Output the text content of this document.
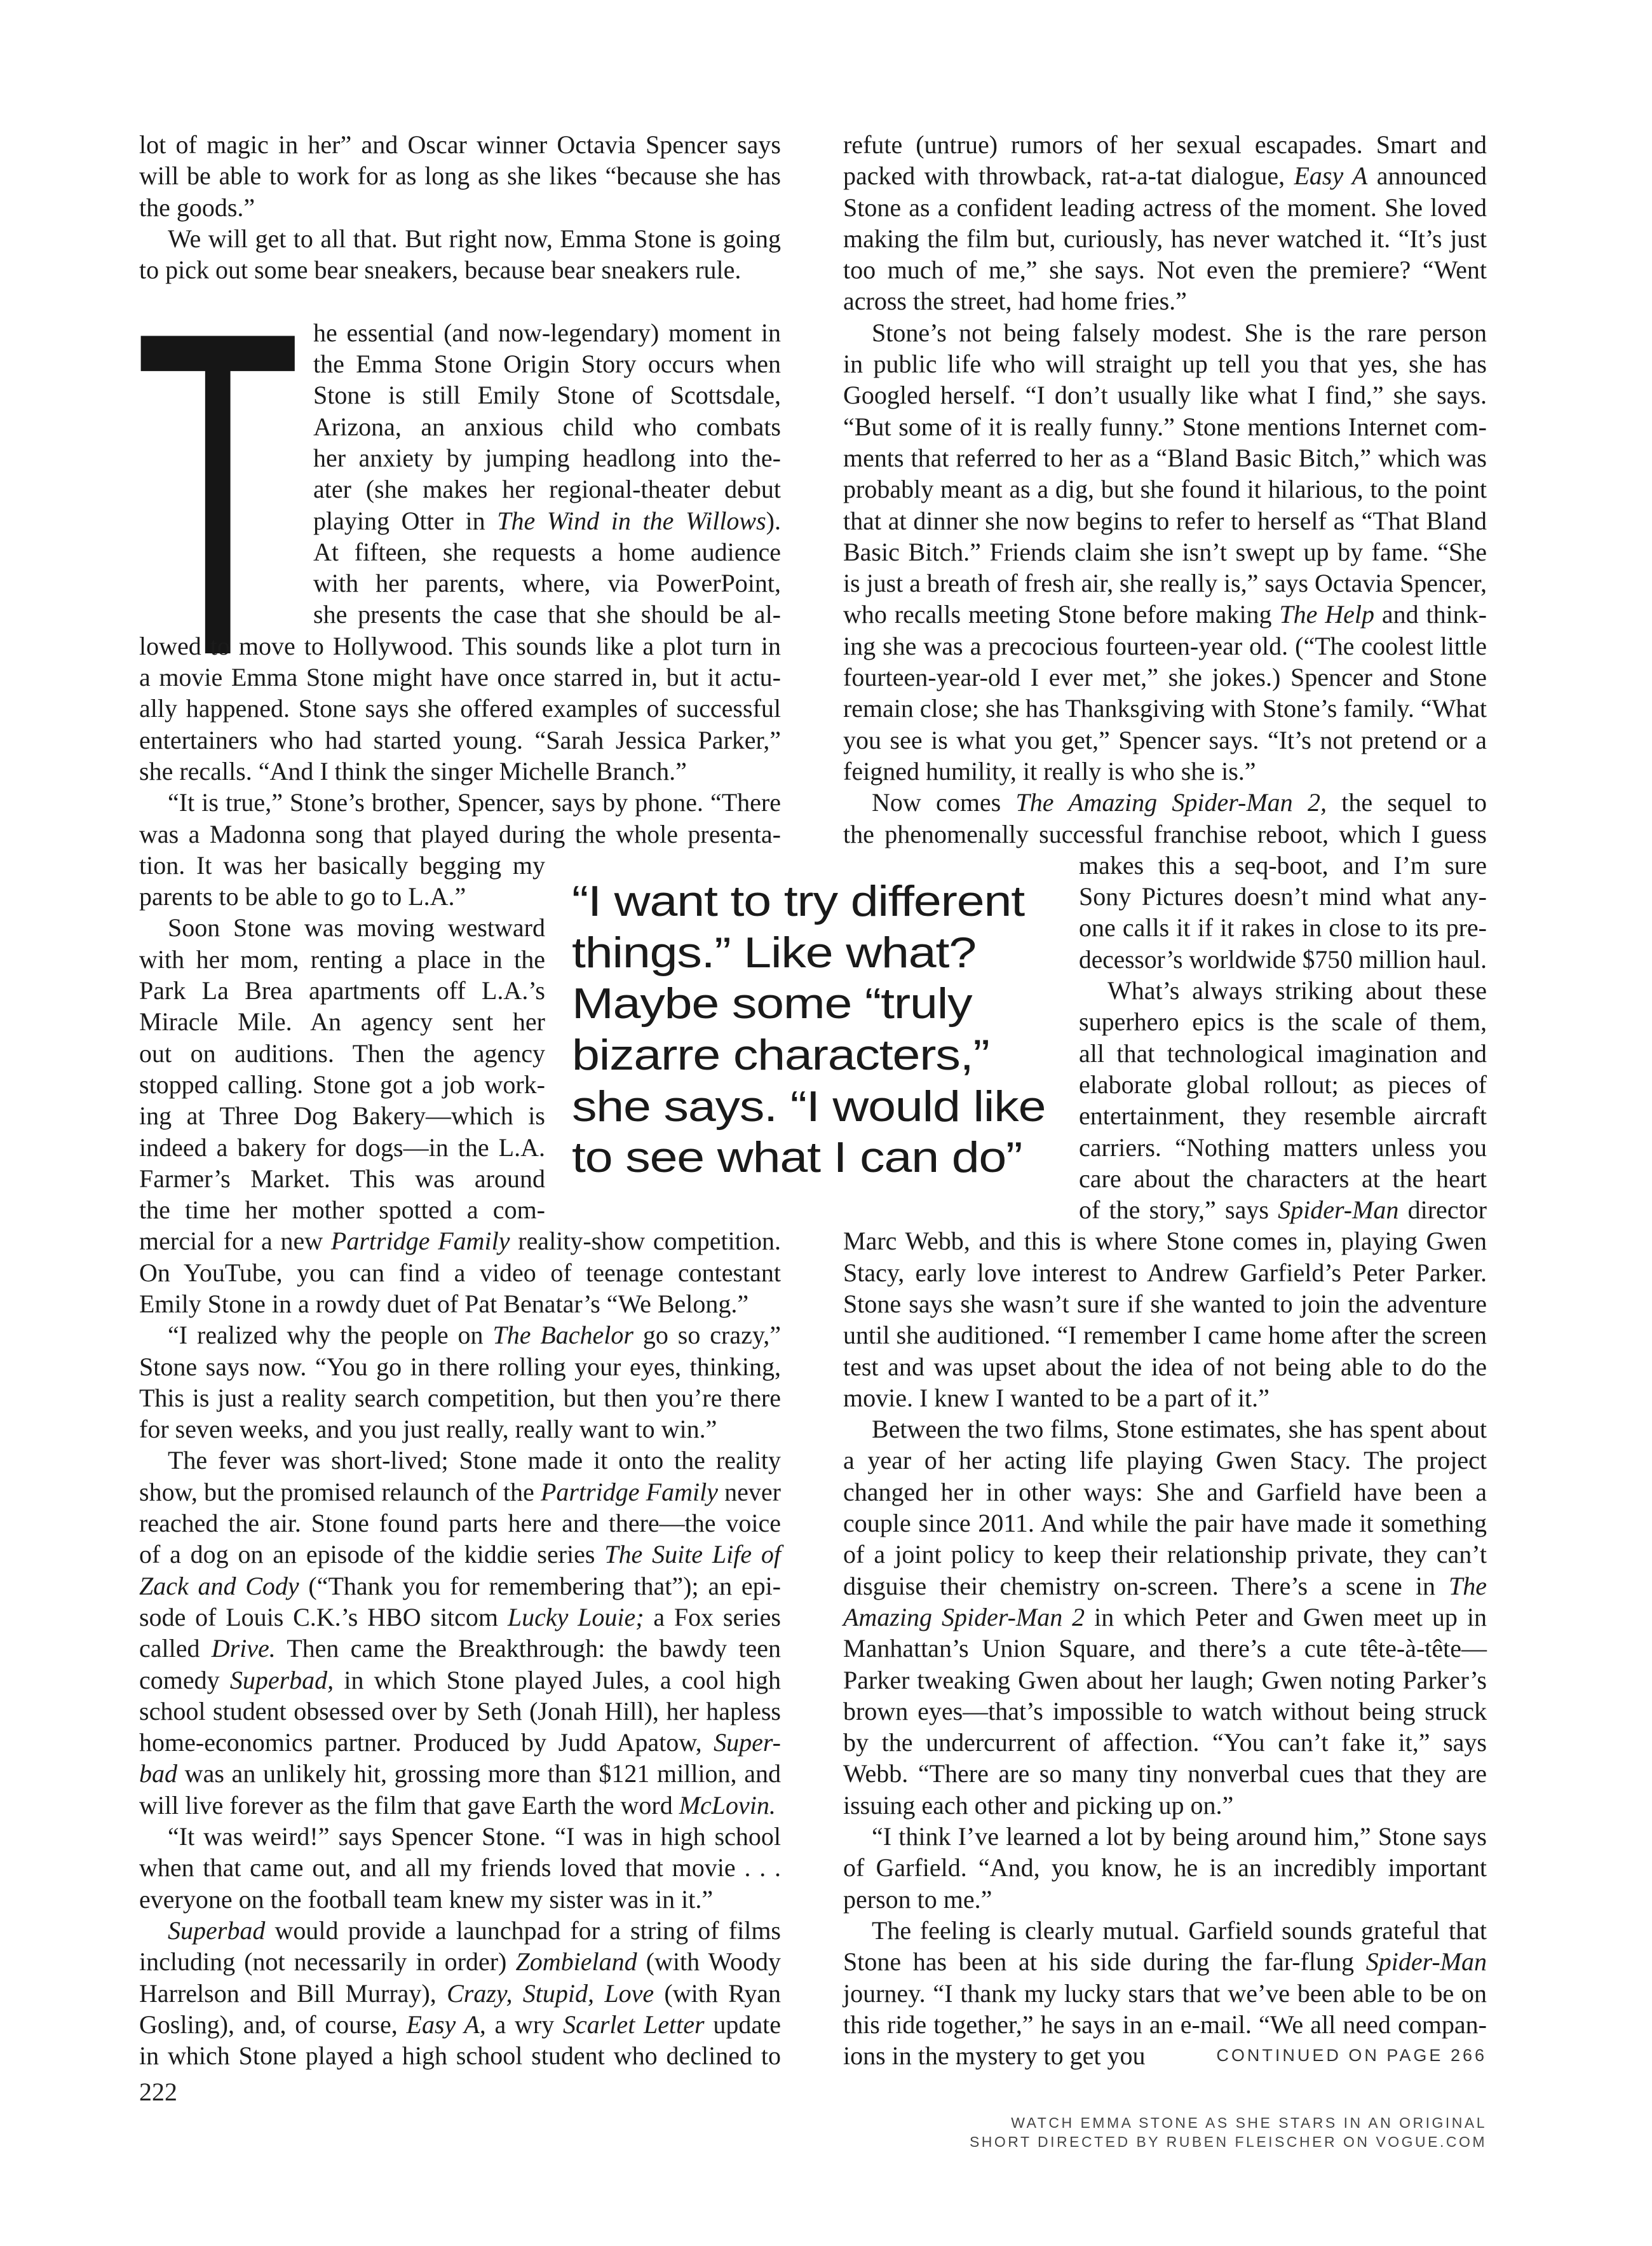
T
lot of magic in her” and Oscar winner Octavia Spencer says
will be able to work for as long as she likes “because she has
the goods.”
We will get to all that. But right now, Emma Stone is going
to pick out some bear sneakers, because bear sneakers rule.
he essential (and now-legendary) moment in
the Emma Stone Origin Story occurs when
Stone is still Emily Stone of Scottsdale,
Arizona, an anxious child who combats
her anxiety by jumping headlong into the-
ater (she makes her regional-theater debut
playing Otter in The Wind in the Willows).
At fifteen, she requests a home audience
with her parents, where, via PowerPoint,
she presents the case that she should be al-
lowed to move to Hollywood. This sounds like a plot turn in
a movie Emma Stone might have once starred in, but it actu-
ally happened. Stone says she offered examples of successful
entertainers who had started young. “Sarah Jessica Parker,”
she recalls. “And I think the singer Michelle Branch.”
“It is true,” Stone’s brother, Spencer, says by phone. “There
was a Madonna song that played during the whole presenta-
tion. It was her basically begging my
parents to be able to go to L.A.”
Soon Stone was moving westward
with her mom, renting a place in the
Park La Brea apartments off L.A.’s
Miracle Mile. An agency sent her
out on auditions. Then the agency
stopped calling. Stone got a job work-
ing at Three Dog Bakery—which is
indeed a bakery for dogs—in the L.A.
Farmer’s Market. This was around
the time her mother spotted a com-
mercial for a new Partridge Family reality-show competition.
On YouTube, you can find a video of teenage contestant
Emily Stone in a rowdy duet of Pat Benatar’s “We Belong.”
“I realized why the people on The Bachelor go so crazy,”
Stone says now. “You go in there rolling your eyes, thinking,
This is just a reality search competition, but then you’re there
for seven weeks, and you just really, really want to win.”
The fever was short-lived; Stone made it onto the reality
show, but the promised relaunch of the Partridge Family never
reached the air. Stone found parts here and there—the voice
of a dog on an episode of the kiddie series The Suite Life of
Zack and Cody (“Thank you for remembering that”); an epi-
sode of Louis C.K.’s HBO sitcom Lucky Louie; a Fox series
called Drive. Then came the Breakthrough: the bawdy teen
comedy Superbad, in which Stone played Jules, a cool high
school student obsessed over by Seth (Jonah Hill), her hapless
home-economics partner. Produced by Judd Apatow, Super-
bad was an unlikely hit, grossing more than $121 million, and
will live forever as the film that gave Earth the word McLovin.
“It was weird!” says Spencer Stone. “I was in high school
when that came out, and all my friends loved that movie . . .
everyone on the football team knew my sister was in it.”
Superbad would provide a launchpad for a string of films
including (not necessarily in order) Zombieland (with Woody
Harrelson and Bill Murray), Crazy, Stupid, Love (with Ryan
Gosling), and, of course, Easy A, a wry Scarlet Letter update
in which Stone played a high school student who declined to
refute (untrue) rumors of her sexual escapades. Smart and
packed with throwback, rat-a-tat dialogue, Easy A announced
Stone as a confident leading actress of the moment. She loved
making the film but, curiously, has never watched it. “It’s just
too much of me,” she says. Not even the premiere? “Went
across the street, had home fries.”
Stone’s not being falsely modest. She is the rare person
in public life who will straight up tell you that yes, she has
Googled herself. “I don’t usually like what I find,” she says.
“But some of it is really funny.” Stone mentions Internet com-
ments that referred to her as a “Bland Basic Bitch,” which was
probably meant as a dig, but she found it hilarious, to the point
that at dinner she now begins to refer to herself as “That Bland
Basic Bitch.” Friends claim she isn’t swept up by fame. “She
is just a breath of fresh air, she really is,” says Octavia Spencer,
who recalls meeting Stone before making The Help and think-
ing she was a precocious fourteen-year old. (“The coolest little
fourteen-year-old I ever met,” she jokes.) Spencer and Stone
remain close; she has Thanksgiving with Stone’s family. “What
you see is what you get,” Spencer says. “It’s not pretend or a
feigned humility, it really is who she is.”
Now comes The Amazing Spider-Man 2, the sequel to
the phenomenally successful franchise reboot, which I guess
makes this a seq-boot, and I’m sure
Sony Pictures doesn’t mind what any-
one calls it if it rakes in close to its pre-
decessor’s worldwide $750 million haul.
What’s always striking about these
superhero epics is the scale of them,
all that technological imagination and
elaborate global rollout; as pieces of
entertainment, they resemble aircraft
carriers. “Nothing matters unless you
care about the characters at the heart
of the story,” says Spider-Man director
Marc Webb, and this is where Stone comes in, playing Gwen
Stacy, early love interest to Andrew Garfield’s Peter Parker.
Stone says she wasn’t sure if she wanted to join the adventure
until she auditioned. “I remember I came home after the screen
test and was upset about the idea of not being able to do the
movie. I knew I wanted to be a part of it.”
Between the two films, Stone estimates, she has spent about
a year of her acting life playing Gwen Stacy. The project
changed her in other ways: She and Garfield have been a
couple since 2011. And while the pair have made it something
of a joint policy to keep their relationship private, they can’t
disguise their chemistry on-screen. There’s a scene in The
Amazing Spider-Man 2 in which Peter and Gwen meet up in
Manhattan’s Union Square, and there’s a cute tête-à-tête—
Parker tweaking Gwen about her laugh; Gwen noting Parker’s
brown eyes—that’s impossible to watch without being struck
by the undercurrent of affection. “You can’t fake it,” says
Webb. “There are so many tiny nonverbal cues that they are
issuing each other and picking up on.”
“I think I’ve learned a lot by being around him,” Stone says
of Garfield. “And, you know, he is an incredibly important
person to me.”
The feeling is clearly mutual. Garfield sounds grateful that
Stone has been at his side during the far-flung Spider-Man
journey. “I thank my lucky stars that we’ve been able to be on
this ride together,” he says in an e-mail. “We all need compan-
ions in the mystery to get you	CONTINUED ON PAGE 266
“I want to try different
things.” Like what?
Maybe some “truly
bizarre characters,”
she says. “I would like
to see what I can do”
222
WATCH EMMA STONE AS SHE STARS IN AN ORIGINAL
SHORT DIRECTED BY RUBEN FLEISCHER ON VOGUE.COM
